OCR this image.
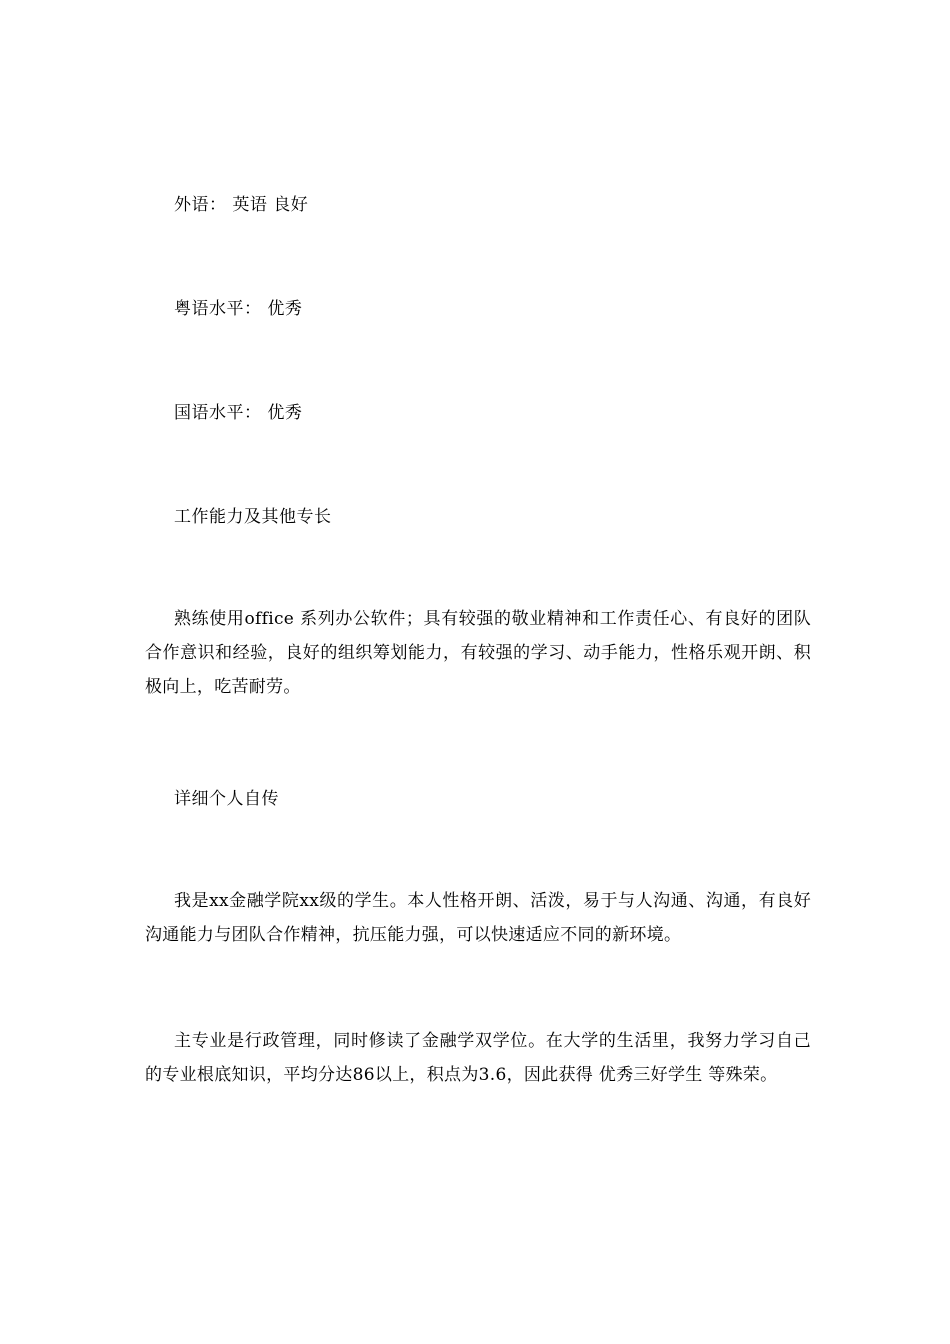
外语： 英语 良好
粤语水平： 优秀
国语水平： 优秀
工作能力及其他专长
熟练使用office 系列办公软件；具有较强的敬业精神和工作责任心、有良好的团队合作意识和经验，良好的组织筹划能力，有较强的学习、动手能力，性格乐观开朗、积极向上，吃苦耐劳。
详细个人自传
我是xx金融学院xx级的学生。本人性格开朗、活泼，易于与人沟通、沟通，有良好沟通能力与团队合作精神，抗压能力强，可以快速适应不同的新环境。
主专业是行政管理，同时修读了金融学双学位。在大学的生活里，我努力学习自己的专业根底知识，平均分达86以上，积点为3.6，因此获得 优秀三好学生 等殊荣。
